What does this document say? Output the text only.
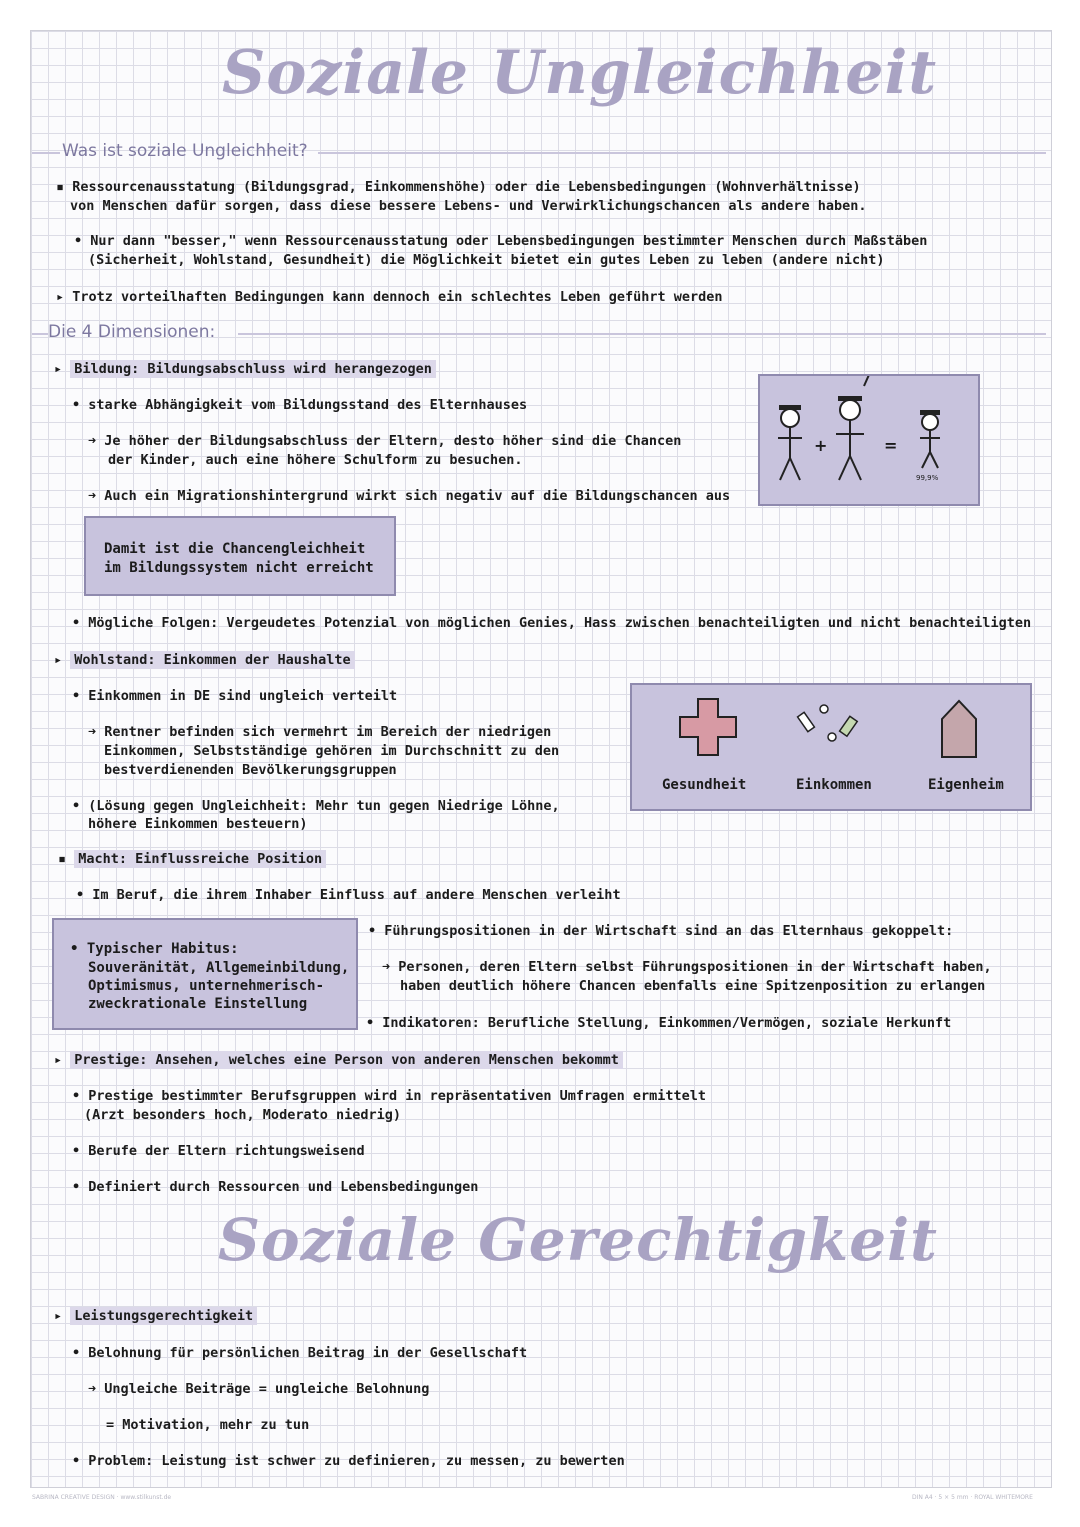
Soziale Ungleichheit
Was ist soziale Ungleichheit?
▪ Ressourcenausstatung (Bildungsgrad, Einkommenshöhe) oder die Lebensbedingungen (Wohnverhältnisse)
von Menschen dafür sorgen, dass diese bessere Lebens- und Verwirklichungschancen als andere haben.
• Nur dann "besser," wenn Ressourcenausstatung oder Lebensbedingungen bestimmter Menschen durch Maßstäben
(Sicherheit, Wohlstand, Gesundheit) die Möglichkeit bietet ein gutes Leben zu leben (andere nicht)
▸ Trotz vorteilhaften Bedingungen kann dennoch ein schlechtes Leben geführt werden
Die 4 Dimensionen:
▸ Bildung: Bildungsabschluss wird herangezogen
• starke Abhängigkeit vom Bildungsstand des Elternhauses
➜ Je höher der Bildungsabschluss der Eltern, desto höher sind die Chancen
der Kinder, auch eine höhere Schulform zu besuchen.
➜ Auch ein Migrationshintergrund wirkt sich negativ auf die Bildungschancen aus
Damit ist die Chancengleichheit
im Bildungssystem nicht erreicht
+	=
99,9%
• Mögliche Folgen: Vergeudetes Potenzial von möglichen Genies, Hass zwischen benachteiligten und nicht benachteiligten
▸ Wohlstand: Einkommen der Haushalte
• Einkommen in DE sind ungleich verteilt
➜ Rentner befinden sich vermehrt im Bereich der niedrigen
Einkommen, Selbstständige gehören im Durchschnitt zu den
bestverdienenden Bevölkerungsgruppen
• (Lösung gegen Ungleichheit: Mehr tun gegen Niedrige Löhne,
höhere Einkommen besteuern)
Gesundheit	Einkommen	Eigenheim
▪ Macht: Einflussreiche Position
• Im Beruf, die ihrem Inhaber Einfluss auf andere Menschen verleiht
• Typischer Habitus:
Souveränität, Allgemeinbildung,
Optimismus, unternehmerisch-
zweckrationale Einstellung
• Führungspositionen in der Wirtschaft sind an das Elternhaus gekoppelt:
➜ Personen, deren Eltern selbst Führungspositionen in der Wirtschaft haben,
haben deutlich höhere Chancen ebenfalls eine Spitzenposition zu erlangen
• Indikatoren: Berufliche Stellung, Einkommen/Vermögen, soziale Herkunft
▸ Prestige: Ansehen, welches eine Person von anderen Menschen bekommt
• Prestige bestimmter Berufsgruppen wird in repräsentativen Umfragen ermittelt
(Arzt besonders hoch, Moderato niedrig)
• Berufe der Eltern richtungsweisend
• Definiert durch Ressourcen und Lebensbedingungen
Soziale Gerechtigkeit
▸ Leistungsgerechtigkeit
• Belohnung für persönlichen Beitrag in der Gesellschaft
➜ Ungleiche Beiträge = ungleiche Belohnung
= Motivation, mehr zu tun
• Problem: Leistung ist schwer zu definieren, zu messen, zu bewerten
SABRINA CREATIVE DESIGN · www.stilkunst.de	DIN A4 · 5 × 5 mm · ROYAL WHITEMORE
